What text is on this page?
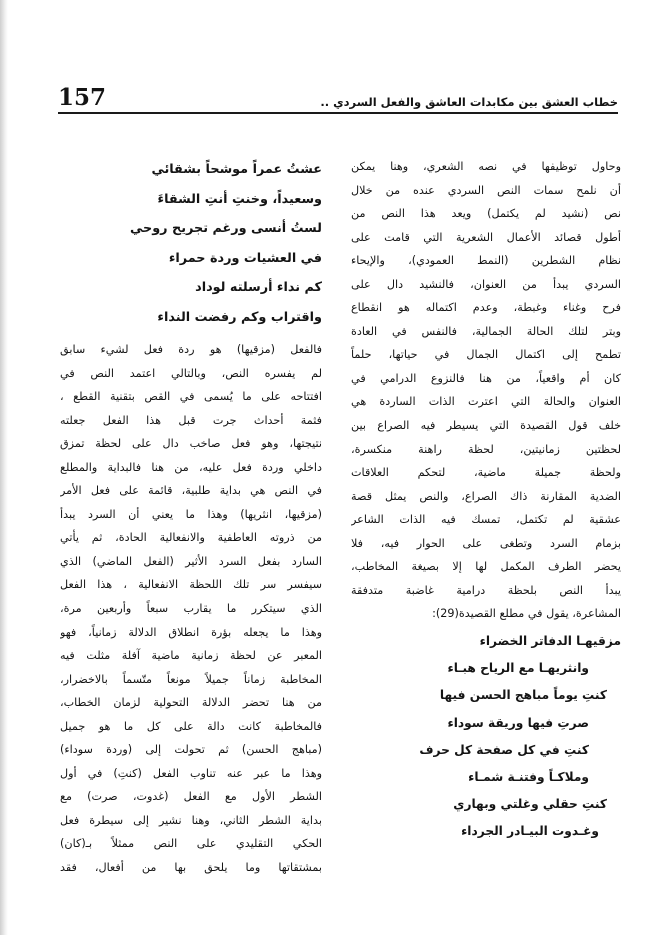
157	خطاب العشق بين مكابدات العاشق والفعل السردي ..
وحاول توظيفها في نصه الشعري، وهنا يمكن
أن نلمح سمات النص السردي عنده من خلال
نص (نشيد لم يكتمل) ويعد هذا النص من
أطول قصائد الأعمال الشعرية التي قامت على
نظام الشطرين (النمط العمودي)، والإيحاء
السردي يبدأ من العنوان، فالنشيد دال على
فرح وغناء وغبطة، وعدم اكتماله هو انقطاع
وبتر لتلك الحالة الجمالية، فالنفس في العادة
تطمح إلى اكتمال الجمال في حياتها، حلماً
كان أم واقعياً، من هنا فالنزوع الدرامي في
العنوان والحالة التي اعترت الذات الساردة هي
خلف قول القصيدة التي يسيطر فيه الصراع بين
لحظتين زمانيتين، لحظة راهنة منكسرة،
ولحظة جميلة ماضية، لتحكم العلاقات
الضدية المقارنة ذاك الصراع، والنص يمثل قصة
عشقية لم تكتمل، تمسك فيه الذات الشاعر
بزمام السرد وتطغى على الحوار فيه، فلا
يحضر الطرف المكمل لها إلا بصيغة المخاطب،
يبدأ النص بلحظة درامية غاضبة متدفقة
المشاعرة، يقول في مطلع القصيدة(29):
مزقيهـا الدفاتر الخضراء
وانثريهـا مع الرياح هبـاء
كنتِ يوماً مباهج الحسن فيها
صرتِ فيها وريقة سوداء
كنتِ في كل صفحة كل حرف
وملاكـاً وفتنـة شمـاء
كنتِ حقلي وغلتي وبهاري
وغـدوت البيـادر الجرداء
عشتُ عمراً موشحاً بشقائي
وسعيداً، وخنتِ أنتِ الشقاءَ
لستُ أنسى ورغم تجريح روحي
في العشيات وردة حمراء
كم نداء أرسلته لوداد
واقتراب وكم رفضت النداء
فالفعل (مزقيها) هو ردة فعل لشيء سابق
لم يفسره النص، وبالتالي اعتمد النص في
افتتاحه على ما يُسمى في القص بتقنية القطع ،
فثمة أحداث جرت قبل هذا الفعل جعلته
نتيجتها، وهو فعل صاخب دال على لحظة تمزق
داخلي وردة فعل عليه، من هنا فالبداية والمطلع
في النص هي بداية طلبية، قائمة على فعل الأمر
(مزقيها، انثريها) وهذا ما يعني أن السرد يبدأ
من ذروته العاطفية والانفعالية الحادة، ثم يأتي
السارد بفعل السرد الأثير (الفعل الماضي) الذي
سيفسر سر تلك اللحظة الانفعالية ، هذا الفعل
الذي سيتكرر ما يقارب سبعاً وأربعين مرة،
وهذا ما يجعله بؤرة انطلاق الدلالة زمانياً، فهو
المعبر عن لحظة زمانية ماضية آفلة مثلت فيه
المخاطبة زماناً جميلاً مونعاً متّسماً بالاخضرار،
من هنا تحضر الدلالة التحولية لزمان الخطاب،
فالمخاطبة كانت دالة على كل ما هو جميل
(مباهج الحسن) ثم تحولت إلى (وردة سوداء)
وهذا ما عبر عنه تناوب الفعل (كنتِ) في أول
الشطر الأول مع الفعل (غدوت، صرت) مع
بداية الشطر الثاني، وهنا نشير إلى سيطرة فعل
الحكي التقليدي على النص ممثلاً بـ(كان)
بمشتقاتها وما يلحق بها من أفعال، فقد
